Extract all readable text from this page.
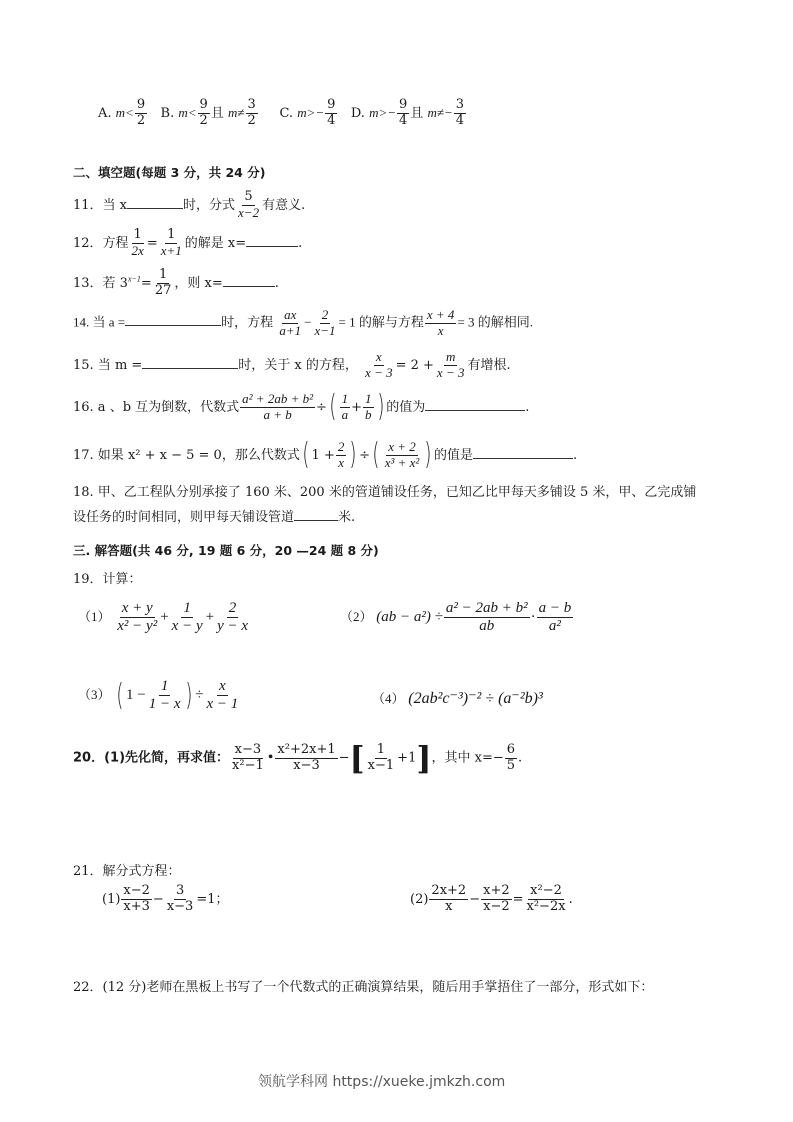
A. $m< \frac{9}{2} B$. $m< \frac{9}{2}$ 且 $m\ne \frac{3}{2} C$. $m>- \frac{9}{4} D$. $m>- \frac{9}{4}$ 且 $m\ne- \frac{3}{4}$
二、填空题(每题 3 分，共 24 分)
11．当 x	时，分式 $\frac{5}{x-2}$ 有意义.
12．方程 $\frac{1}{2x} = \frac{1}{x+1}$ 的解是 x=	.
13．若 $3^{x-1}= \frac{1}{27}$ ，则 x=	.
14. 当 a =	时，方程 $\frac{ax}{a+1} - \frac{2}{x-1} = 1$ 的解与方程 $\frac{x + 4}{x} = 3$ 的解相同.
15. 当 m =	时，关于 x 的方程， $\frac{x}{x - 3} = 2 + \frac{m}{x - 3}$ 有增根.
16. a 、b 互为倒数，代数式 $\frac{\text{a² + 2ab + b²}}{a + b}$ ÷( $\frac{1}{a} + \frac{1}{b}$ ) 的值为	.
17. 如果 x² + x − 5 = 0，那么代数式( $1 + \frac{2}{x}$ ) ÷( $\frac{x + 2}{\text{x³ + x²}}$ ) 的值是	.
18. 甲、乙工程队分别承接了 160 米、200 米的管道铺设任务，已知乙比甲每天多铺设 5 米，甲、乙完成铺
设任务的时间相同，则甲每天铺设管道	米.
三. 解答题(共 46 分, 19 题 6 分，20 —24 题 8 分)
19．计算：
$(1) \frac{x + y}{\text{x² − y²}} + \frac{1}{x - y} + \frac{2}{y - x}$	（2） $(ab - a^2) \div \frac{\text{a² − 2ab + b²}}{ab} \cdot \frac{a - b}{\text{a²}}$
（3） ( $1 - \frac{1}{1 - x}$ ) ÷ $\frac{x}{x - 1}$	（4） (2ab²c⁻³)⁻² ÷ (a⁻²b)³
20．(1)先化简，再求值： $\frac{x-3}{\text{x²−1}}$ • $\frac{\text{x²+2x+1}}{x-3}$ −[ $\frac{1}{x-1} +1$]，其中 $x=- \frac{6}{5}$ .
21．解分式方程：
$(1) \frac{x-2}{x+3} - \frac{3}{x-3} =1$；	$(2) \frac{2x+2}{x} - \frac{x+2}{x-2} = \frac{\text{x²−2}}{\text{x²−2x}}$ .
22．(12 分)老师在黑板上书写了一个代数式的正确演算结果，随后用手掌捂住了一部分，形式如下：
领航学科网 https://xueke.jmkzh.com
